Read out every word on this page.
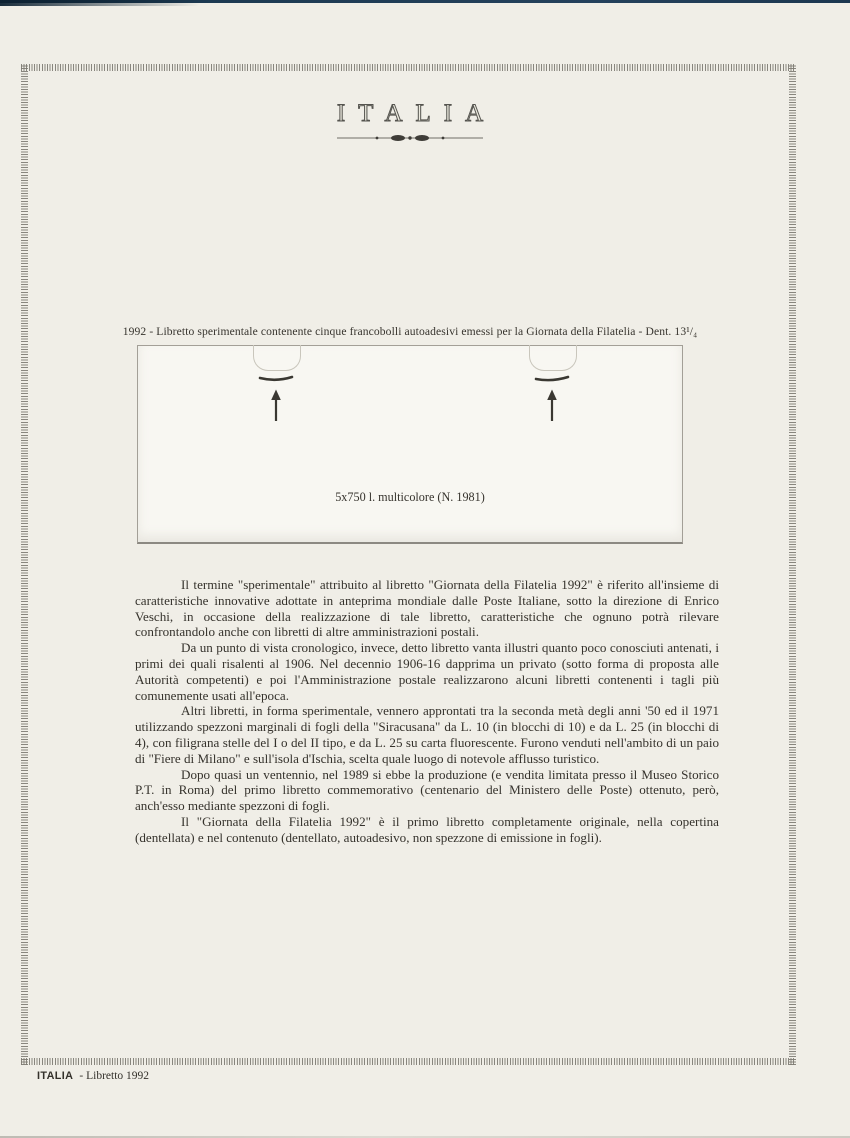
ITALIA
1992 - Libretto sperimentale contenente cinque francobolli autoadesivi emessi per la Giornata della Filatelia - Dent. 13¹/₄
5x750 l. multicolore (N. 1981)

Il termine "sperimentale" attribuito al libretto "Giornata della Filatelia 1992" è riferito all'insieme di caratteristiche innovative adottate in anteprima mondiale dalle Poste Italiane, sotto la direzione di Enrico Veschi, in occasione della realizzazione di tale libretto, caratteristiche che ognuno potrà rilevare confrontandolo anche con libretti di altre amministrazioni postali.

Da un punto di vista cronologico, invece, detto libretto vanta illustri quanto poco conosciuti antenati, i primi dei quali risalenti al 1906. Nel decennio 1906-16 dapprima un privato (sotto forma di proposta alle Autorità competenti) e poi l'Amministrazione postale realizzarono alcuni libretti contenenti i tagli più comunemente usati all'epoca.

Altri libretti, in forma sperimentale, vennero approntati tra la seconda metà degli anni '50 ed il 1971 utilizzando spezzoni marginali di fogli della "Siracusana" da L. 10 (in blocchi di 10) e da L. 25 (in blocchi di 4), con filigrana stelle del I o del II tipo, e da L. 25 su carta fluorescente. Furono venduti nell'ambito di un paio di "Fiere di Milano" e sull'isola d'Ischia, scelta quale luogo di notevole afflusso turistico.

Dopo quasi un ventennio, nel 1989 si ebbe la produzione (e vendita limitata presso il Museo Storico P.T. in Roma) del primo libretto commemorativo (centenario del Ministero delle Poste) ottenuto, però, anch'esso mediante spezzoni di fogli.

Il "Giornata della Filatelia 1992" è il primo libretto completamente originale, nella copertina (dentellata) e nel contenuto (dentellato, autoadesivo, non spezzone di emissione in fogli).

ITALIA - Libretto 1992
